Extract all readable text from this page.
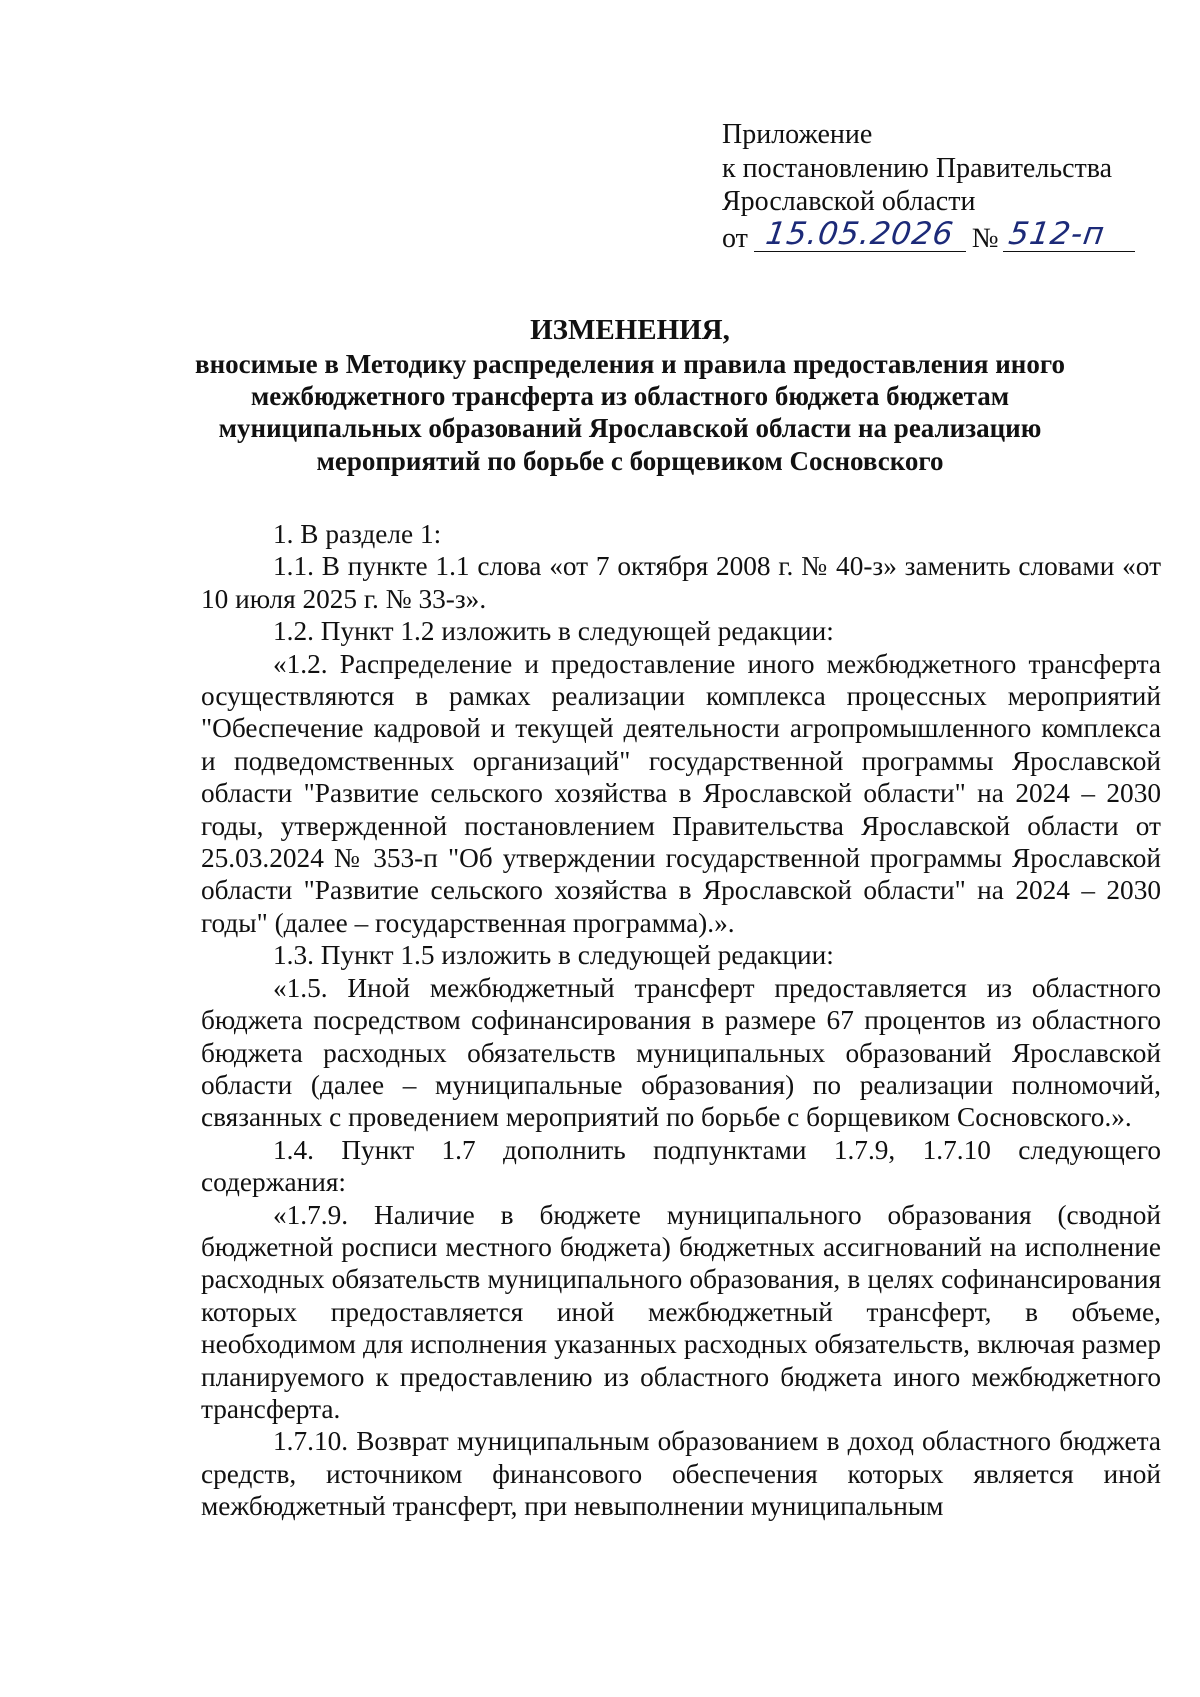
Приложение
к постановлению Правительства
Ярославской области
от 15.05.2026 № 512-п
ИЗМЕНЕНИЯ,
вносимые в Методику распределения и правила предоставления иного межбюджетного трансферта из областного бюджета бюджетам муниципальных образований Ярославской области на реализацию мероприятий по борьбе с борщевиком Сосновского

1. В разделе 1:

1.1. В пункте 1.1 слова «от 7 октября 2008 г. № 40-з» заменить словами «от 10 июля 2025 г. № 33-з».

1.2. Пункт 1.2 изложить в следующей редакции:

«1.2. Распределение и предоставление иного межбюджетного трансферта осуществляются в рамках реализации комплекса процессных мероприятий "Обеспечение кадровой и текущей деятельности агропромышленного комплекса и подведомственных организаций" государственной программы Ярославской области "Развитие сельского хозяйства в Ярославской области" на 2024 – 2030 годы, утвержденной постановлением Правительства Ярославской области от 25.03.2024 № 353-п "Об утверждении государственной программы Ярославской области "Развитие сельского хозяйства в Ярославской области" на 2024 – 2030 годы" (далее – государственная программа).».

1.3. Пункт 1.5 изложить в следующей редакции:

«1.5. Иной межбюджетный трансферт предоставляется из областного бюджета посредством софинансирования в размере 67 процентов из областного бюджета расходных обязательств муниципальных образований Ярославской области (далее – муниципальные образования) по реализации полномочий, связанных с проведением мероприятий по борьбе с борщевиком Сосновского.».

1.4. Пункт 1.7 дополнить подпунктами 1.7.9, 1.7.10 следующего содержания:

«1.7.9. Наличие в бюджете муниципального образования (сводной бюджетной росписи местного бюджета) бюджетных ассигнований на исполнение расходных обязательств муниципального образования, в целях софинансирования которых предоставляется иной межбюджетный трансферт, в объеме, необходимом для исполнения указанных расходных обязательств, включая размер планируемого к предоставлению из областного бюджета иного межбюджетного трансферта.

1.7.10. Возврат муниципальным образованием в доход областного бюджета средств, источником финансового обеспечения которых является иной межбюджетный трансферт, при невыполнении муниципальным
